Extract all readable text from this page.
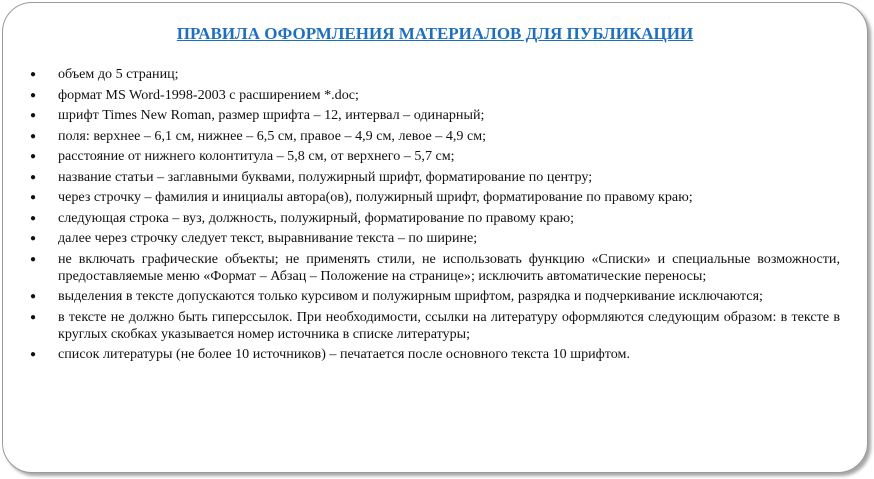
ПРАВИЛА ОФОРМЛЕНИЯ МАТЕРИАЛОВ ДЛЯ ПУБЛИКАЦИИ
● объем до 5 страниц;
● формат MS Word-1998-2003 с расширением *.doc;
● шрифт Times New Roman, размер шрифта – 12, интервал – одинарный;
● поля: верхнее – 6,1 см, нижнее – 6,5 см, правое – 4,9 см, левое – 4,9 см;
● расстояние от нижнего колонтитула – 5,8 см, от верхнего – 5,7 см;
● название статьи – заглавными буквами, полужирный шрифт, форматирование по центру;
● через строчку – фамилия и инициалы автора(ов), полужирный шрифт, форматирование по правому краю;
● следующая строка – вуз, должность, полужирный, форматирование по правому краю;
● далее через строчку следует текст, выравнивание текста – по ширине;
● не включать графические объекты; не применять стили, не использовать функцию «Списки» и специальные возможности, предоставляемые меню «Формат – Абзац – Положение на странице»; исключить автоматические переносы;
● выделения в тексте допускаются только курсивом и полужирным шрифтом, разрядка и подчеркивание исключаются;
● в тексте не должно быть гиперссылок. При необходимости, ссылки на литературу оформляются следующим образом: в тексте в круглых скобках указывается номер источника в списке литературы;
● список литературы (не более 10 источников) – печатается после основного текста 10 шрифтом.
